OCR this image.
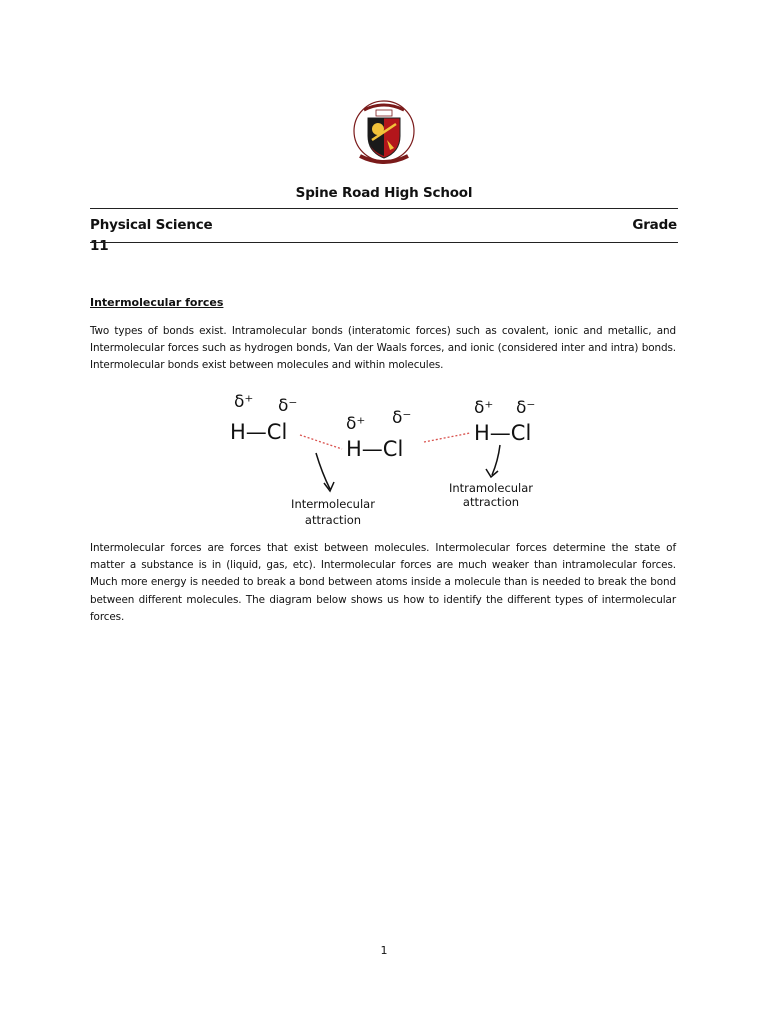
Spine Road High School
Physical Science	Grade
11
Intermolecular forces
Two types of bonds exist. Intramolecular bonds (interatomic forces) such as covalent, ionic and metallic, and Intermolecular forces such as hydrogen bonds, Van der Waals forces, and ionic (considered inter and intra) bonds. Intermolecular bonds exist between molecules and within molecules.
δ⁺ δ⁻
H—Cl	δ⁺ δ⁻
H—Cl
δ⁺ δ⁻
H—Cl
Intermolecular
attraction
Intramolecular
attraction
Intermolecular forces are forces that exist between molecules. Intermolecular forces determine the state of matter a substance is in (liquid, gas, etc). Intermolecular forces are much weaker than intramolecular forces. Much more energy is needed to break a bond between atoms inside a molecule than is needed to break the bond between different molecules. The diagram below shows us how to identify the different types of intermolecular forces.
1
